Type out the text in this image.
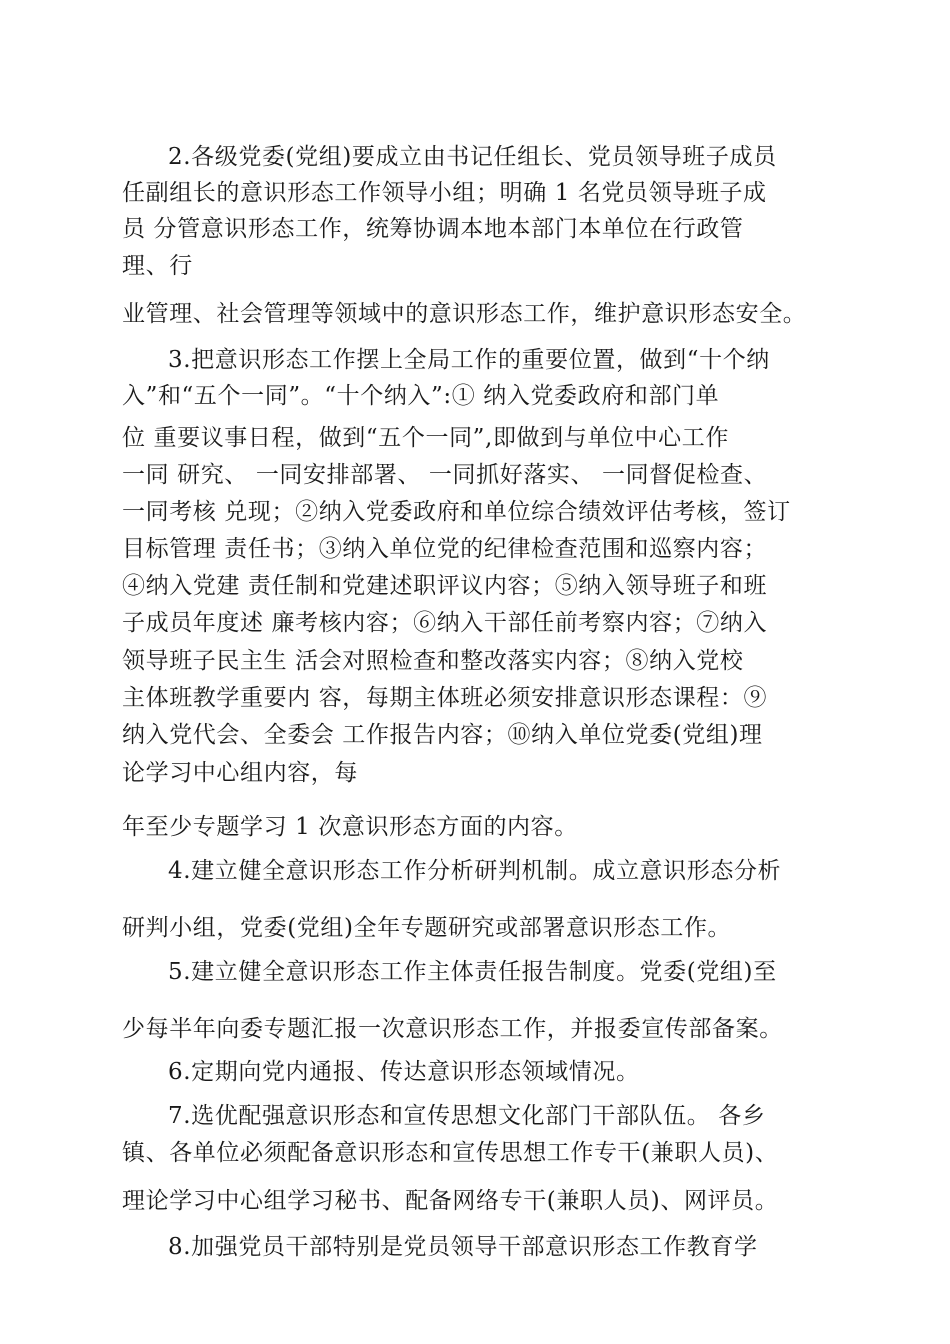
2.各级党委(党组)要成立由书记任组长、党员领导班子成员
任副组长的意识形态工作领导小组；明确 1 名党员领导班子成
员 分管意识形态工作，统筹协调本地本部门本单位在行政管
理、行
业管理、社会管理等领域中的意识形态工作，维护意识形态安全。
3.把意识形态工作摆上全局工作的重要位置，做到“十个纳
入”和“五个一同”。“十个纳入”:① 纳入党委政府和部门单
位 重要议事日程，做到“五个一同”,即做到与单位中心工作
一同 研究、 一同安排部署、 一同抓好落实、 一同督促检查、
一同考核 兑现；②纳入党委政府和单位综合绩效评估考核，签订
目标管理 责任书；③纳入单位党的纪律检查范围和巡察内容；
④纳入党建 责任制和党建述职评议内容；⑤纳入领导班子和班
子成员年度述 廉考核内容；⑥纳入干部任前考察内容；⑦纳入
领导班子民主生 活会对照检查和整改落实内容；⑧纳入党校
主体班教学重要内 容，每期主体班必须安排意识形态课程：⑨
纳入党代会、全委会 工作报告内容；⑩纳入单位党委(党组)理
论学习中心组内容，每
年至少专题学习 1 次意识形态方面的内容。
4.建立健全意识形态工作分析研判机制。成立意识形态分析
研判小组，党委(党组)全年专题研究或部署意识形态工作。
5.建立健全意识形态工作主体责任报告制度。党委(党组)至
少每半年向委专题汇报一次意识形态工作，并报委宣传部备案。
6.定期向党内通报、传达意识形态领域情况。
7.选优配强意识形态和宣传思想文化部门干部队伍。 各乡
镇、各单位必须配备意识形态和宣传思想工作专干(兼职人员)、
理论学习中心组学习秘书、配备网络专干(兼职人员)、网评员。
8.加强党员干部特别是党员领导干部意识形态工作教育学
